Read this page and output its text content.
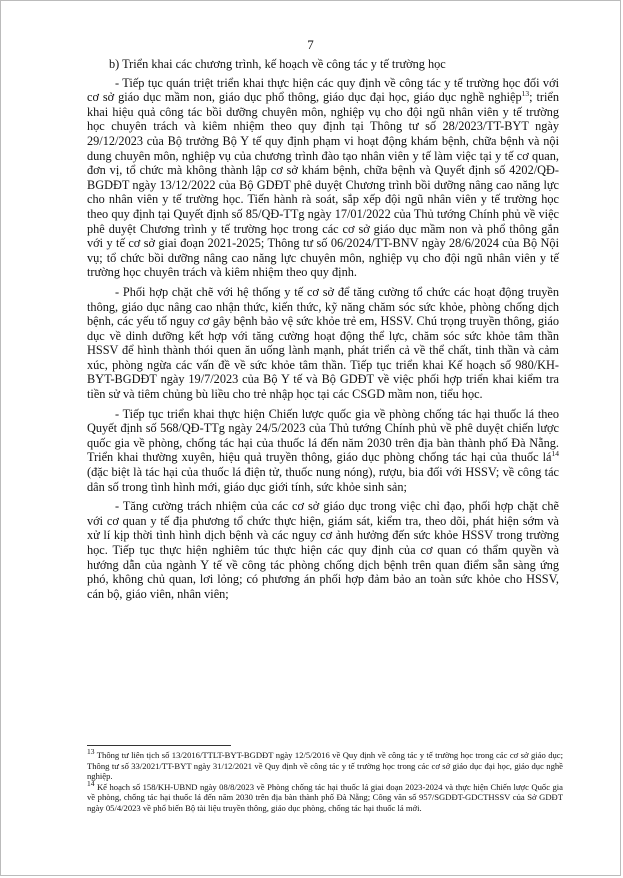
7

b) Triển khai các chương trình, kế hoạch về công tác y tế trường học

- Tiếp tục quán triệt triển khai thực hiện các quy định về công tác y tế trường học đối với cơ sở giáo dục mầm non, giáo dục phổ thông, giáo dục đại học, giáo dục nghề nghiệp$^{13}$; triển khai hiệu quả công tác bồi dưỡng chuyên môn, nghiệp vụ cho đội ngũ nhân viên y tế trường học chuyên trách và kiêm nhiệm theo quy định tại Thông tư số 28/2023/TT-BYT ngày 29/12/2023 của Bộ trưởng Bộ Y tế quy định phạm vi hoạt động khám bệnh, chữa bệnh và nội dung chuyên môn, nghiệp vụ của chương trình đào tạo nhân viên y tế làm việc tại y tế cơ quan, đơn vị, tổ chức mà không thành lập cơ sở khám bệnh, chữa bệnh và Quyết định số 4202/QĐ-BGDĐT ngày 13/12/2022 của Bộ GDĐT phê duyệt Chương trình bồi dưỡng nâng cao năng lực cho nhân viên y tế trường học. Tiến hành rà soát, sắp xếp đội ngũ nhân viên y tế trường học theo quy định tại Quyết định số 85/QĐ-TTg ngày 17/01/2022 của Thủ tướng Chính phủ về việc phê duyệt Chương trình y tế trường học trong các cơ sở giáo dục mầm non và phổ thông gắn với y tế cơ sở giai đoạn 2021-2025; Thông tư số 06/2024/TT-BNV ngày 28/6/2024 của Bộ Nội vụ; tổ chức bồi dưỡng nâng cao năng lực chuyên môn, nghiệp vụ cho đội ngũ nhân viên y tế trường học chuyên trách và kiêm nhiệm theo quy định.

- Phối hợp chặt chẽ với hệ thống y tế cơ sở để tăng cường tổ chức các hoạt động truyền thông, giáo dục nâng cao nhận thức, kiến thức, kỹ năng chăm sóc sức khỏe, phòng chống dịch bệnh, các yếu tố nguy cơ gây bệnh bảo vệ sức khỏe trẻ em, HSSV. Chú trọng truyền thông, giáo dục về dinh dưỡng kết hợp với tăng cường hoạt động thể lực, chăm sóc sức khỏe tâm thần HSSV để hình thành thói quen ăn uống lành mạnh, phát triển cả về thể chất, tinh thần và cảm xúc, phòng ngừa các vấn đề về sức khỏe tâm thần. Tiếp tục triển khai Kế hoạch số 980/KH-BYT-BGDĐT ngày 19/7/2023 của Bộ Y tế và Bộ GDĐT về việc phối hợp triển khai kiểm tra tiền sử và tiêm chủng bù liều cho trẻ nhập học tại các CSGD mầm non, tiểu học.

- Tiếp tục triển khai thực hiện Chiến lược quốc gia về phòng chống tác hại thuốc lá theo Quyết định số 568/QĐ-TTg ngày 24/5/2023 của Thủ tướng Chính phủ về phê duyệt chiến lược quốc gia về phòng, chống tác hại của thuốc lá đến năm 2030 trên địa bàn thành phố Đà Nẵng. Triển khai thường xuyên, hiệu quả truyền thông, giáo dục phòng chống tác hại của thuốc $lá^{14}$ (đặc biệt là tác hại của thuốc lá điện tử, thuốc nung nóng), rượu, bia đối với HSSV; về công tác dân số trong tình hình mới, giáo dục giới tính, sức khỏe sinh sản;

- Tăng cường trách nhiệm của các cơ sở giáo dục trong việc chỉ đạo, phối hợp chặt chẽ với cơ quan y tế địa phương tổ chức thực hiện, giám sát, kiểm tra, theo dõi, phát hiện sớm và xử lí kịp thời tình hình dịch bệnh và các nguy cơ ảnh hưởng đến sức khỏe HSSV trong trường học. Tiếp tục thực hiện nghiêm túc thực hiện các quy định của cơ quan có thẩm quyền và hướng dẫn của ngành Y tế về công tác phòng chống dịch bệnh trên quan điểm sẵn sàng ứng phó, không chủ quan, lơi lỏng; có phương án phối hợp đảm bảo an toàn sức khỏe cho HSSV, cán bộ, giáo viên, nhân viên;

$^{13}$ Thông tư liên tịch số 13/2016/TTLT-BYT-BGDĐT ngày 12/5/2016 về Quy định về công tác y tế trường học trong các cơ sở giáo dục; Thông tư số 33/2021/TT-BYT ngày 31/12/2021 về Quy định về công tác y tế trường học trong các cơ sở giáo dục đại học, giáo dục nghề nghiệp.

$^{14}$ Kế hoạch số 158/KH-UBND ngày 08/8/2023 về Phòng chống tác hại thuốc lá giai đoạn 2023-2024 và thực hiện Chiến lược Quốc gia về phòng, chống tác hại thuốc lá đến năm 2030 trên địa bàn thành phố Đà Nẵng; Công văn số 957/SGDĐT-GDCTHSSV của Sở GDĐT ngày 05/4/2023 về phổ biến Bộ tài liệu truyền thông, giáo dục phòng, chống tác hại thuốc lá mới.
